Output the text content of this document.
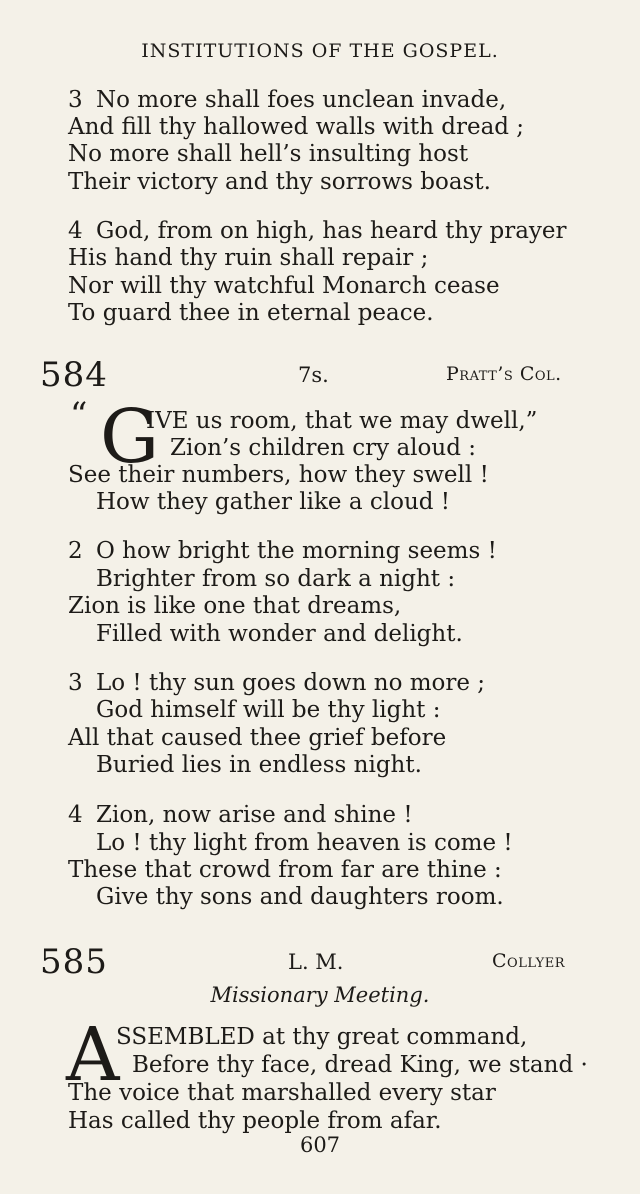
INSTITUTIONS OF THE GOSPEL.
3 No more shall foes unclean invade,
And fill thy hallowed walls with dread ;
No more shall hell’s insulting host
Their victory and thy sorrows boast.
4 God, from on high, has heard thy prayer
His hand thy ruin shall repair ;
Nor will thy watchful Monarch cease
To guard thee in eternal peace.
584	7s.	Pratt’s Col.
“ G
IVE us room, that we may dwell,”
Zion’s children cry aloud :
See their numbers, how they swell !
How they gather like a cloud !
2 O how bright the morning seems !
Brighter from so dark a night :
Zion is like one that dreams,
Filled with wonder and delight.
3 Lo ! thy sun goes down no more ;
God himself will be thy light :
All that caused thee grief before
Buried lies in endless night.
4 Zion, now arise and shine !
Lo ! thy light from heaven is come !
These that crowd from far are thine :
Give thy sons and daughters room.
585	L. M.	Collyer
Missionary Meeting.
A
SSEMBLED at thy great command,
Before thy face, dread King, we stand ·
The voice that marshalled every star
Has called thy people from afar.
607
